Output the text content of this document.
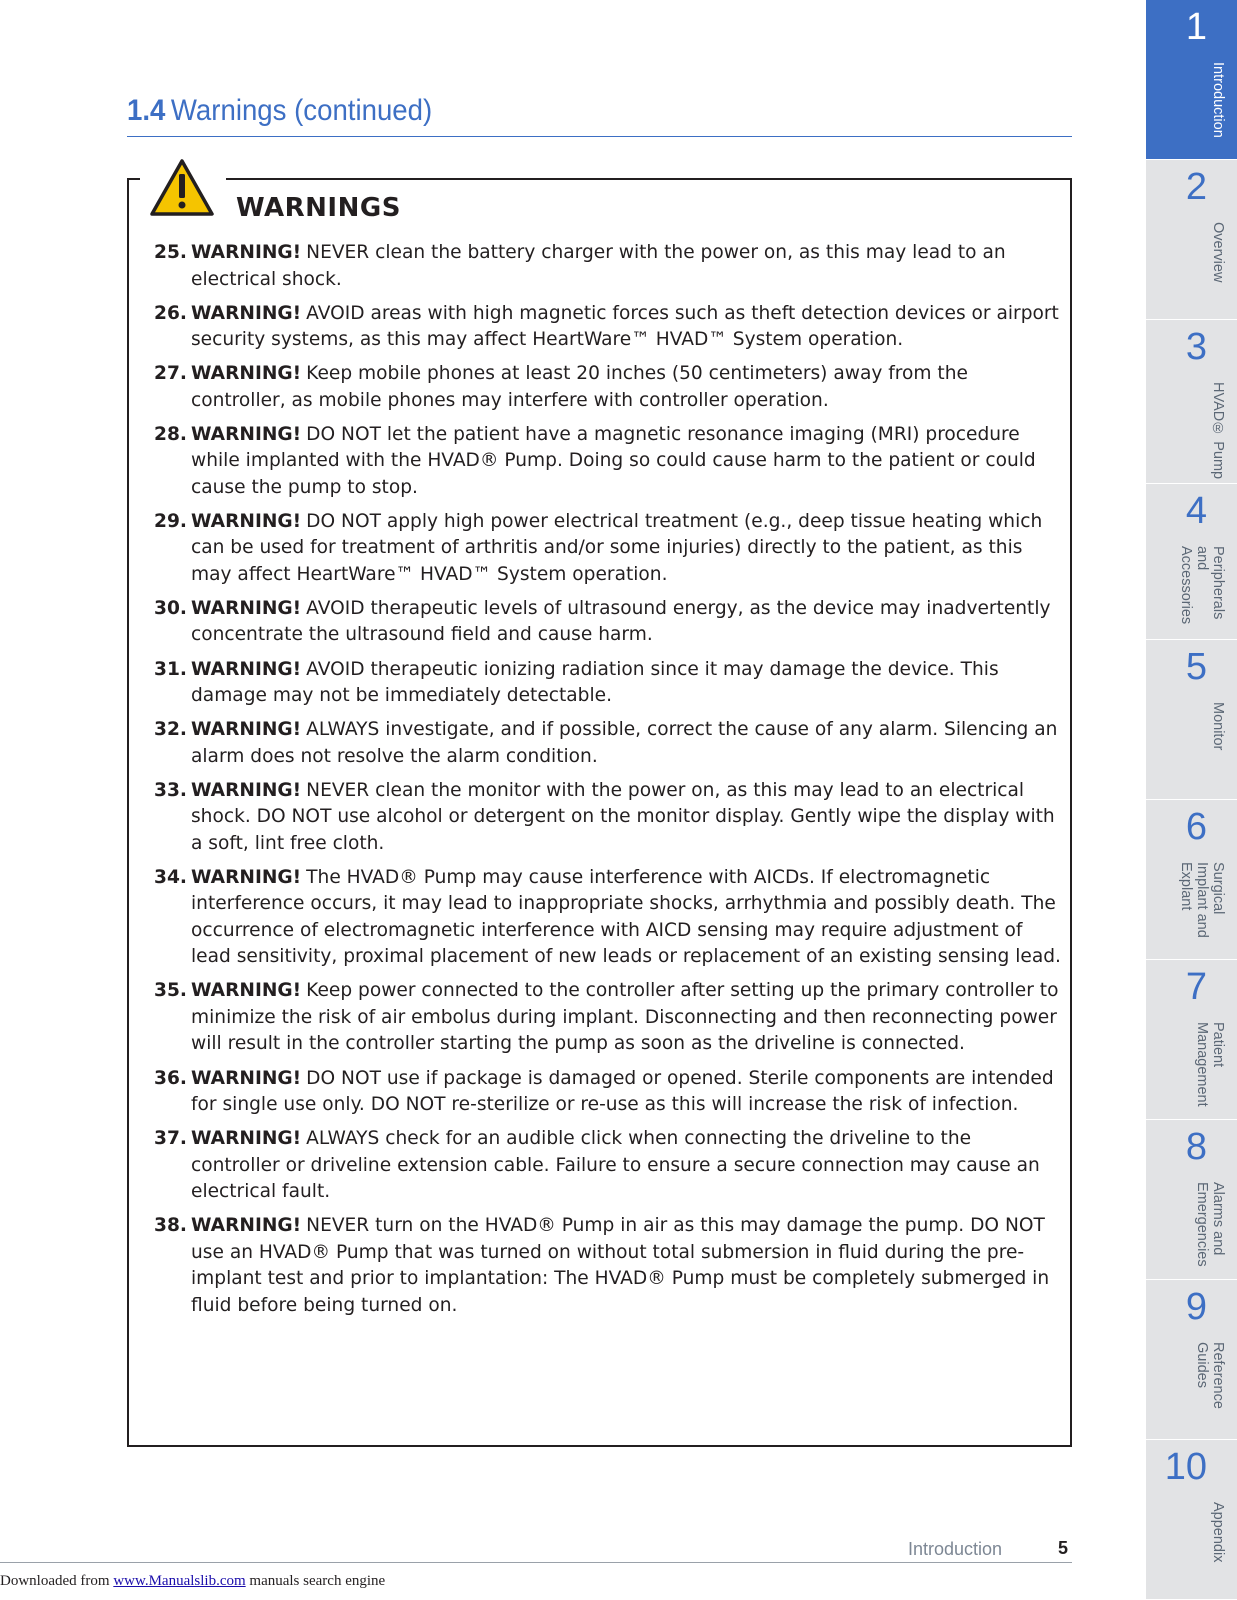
1.4 Warnings (continued)
WARNINGS
25. WARNING! NEVER clean the battery charger with the power on, as this may lead to an electrical shock.
26. WARNING! AVOID areas with high magnetic forces such as theft detection devices or airport security systems, as this may affect HeartWare™ HVAD™ System operation.
27. WARNING! Keep mobile phones at least 20 inches (50 centimeters) away from the controller, as mobile phones may interfere with controller operation.
28. WARNING! DO NOT let the patient have a magnetic resonance imaging (MRI) procedure while implanted with the HVAD® Pump. Doing so could cause harm to the patient or could cause the pump to stop.
29. WARNING! DO NOT apply high power electrical treatment (e.g., deep tissue heating which can be used for treatment of arthritis and/or some injuries) directly to the patient, as this may affect HeartWare™ HVAD™ System operation.
30. WARNING! AVOID therapeutic levels of ultrasound energy, as the device may inadvertently concentrate the ultrasound field and cause harm.
31. WARNING! AVOID therapeutic ionizing radiation since it may damage the device. This damage may not be immediately detectable.
32. WARNING! ALWAYS investigate, and if possible, correct the cause of any alarm. Silencing an alarm does not resolve the alarm condition.
33. WARNING! NEVER clean the monitor with the power on, as this may lead to an electrical shock. DO NOT use alcohol or detergent on the monitor display. Gently wipe the display with a soft, lint free cloth.
34. WARNING! The HVAD® Pump may cause interference with AICDs. If electromagnetic interference occurs, it may lead to inappropriate shocks, arrhythmia and possibly death. The occurrence of electromagnetic interference with AICD sensing may require adjustment of lead sensitivity, proximal placement of new leads or replacement of an existing sensing lead.
35. WARNING! Keep power connected to the controller after setting up the primary controller to minimize the risk of air embolus during implant. Disconnecting and then reconnecting power will result in the controller starting the pump as soon as the driveline is connected.
36. WARNING! DO NOT use if package is damaged or opened. Sterile components are intended for single use only. DO NOT re-sterilize or re-use as this will increase the risk of infection.
37. WARNING! ALWAYS check for an audible click when connecting the driveline to the controller or driveline extension cable. Failure to ensure a secure connection may cause an electrical fault.
38. WARNING! NEVER turn on the HVAD® Pump in air as this may damage the pump. DO NOT use an HVAD® Pump that was turned on without total submersion in fluid during the pre-implant test and prior to implantation: The HVAD® Pump must be completely submerged in fluid before being turned on.
1
Introduction
2
Overview
3
HVAD® Pump
4
Peripherals
and
Accessories
5
Monitor
6
Surgical
Implant and
Explant
7
Patient
Management
8
Alarms and
Emergencies
9
Reference
Guides
10
Appendix
Introduction	5
Downloaded from www.Manualslib.com manuals search engine
